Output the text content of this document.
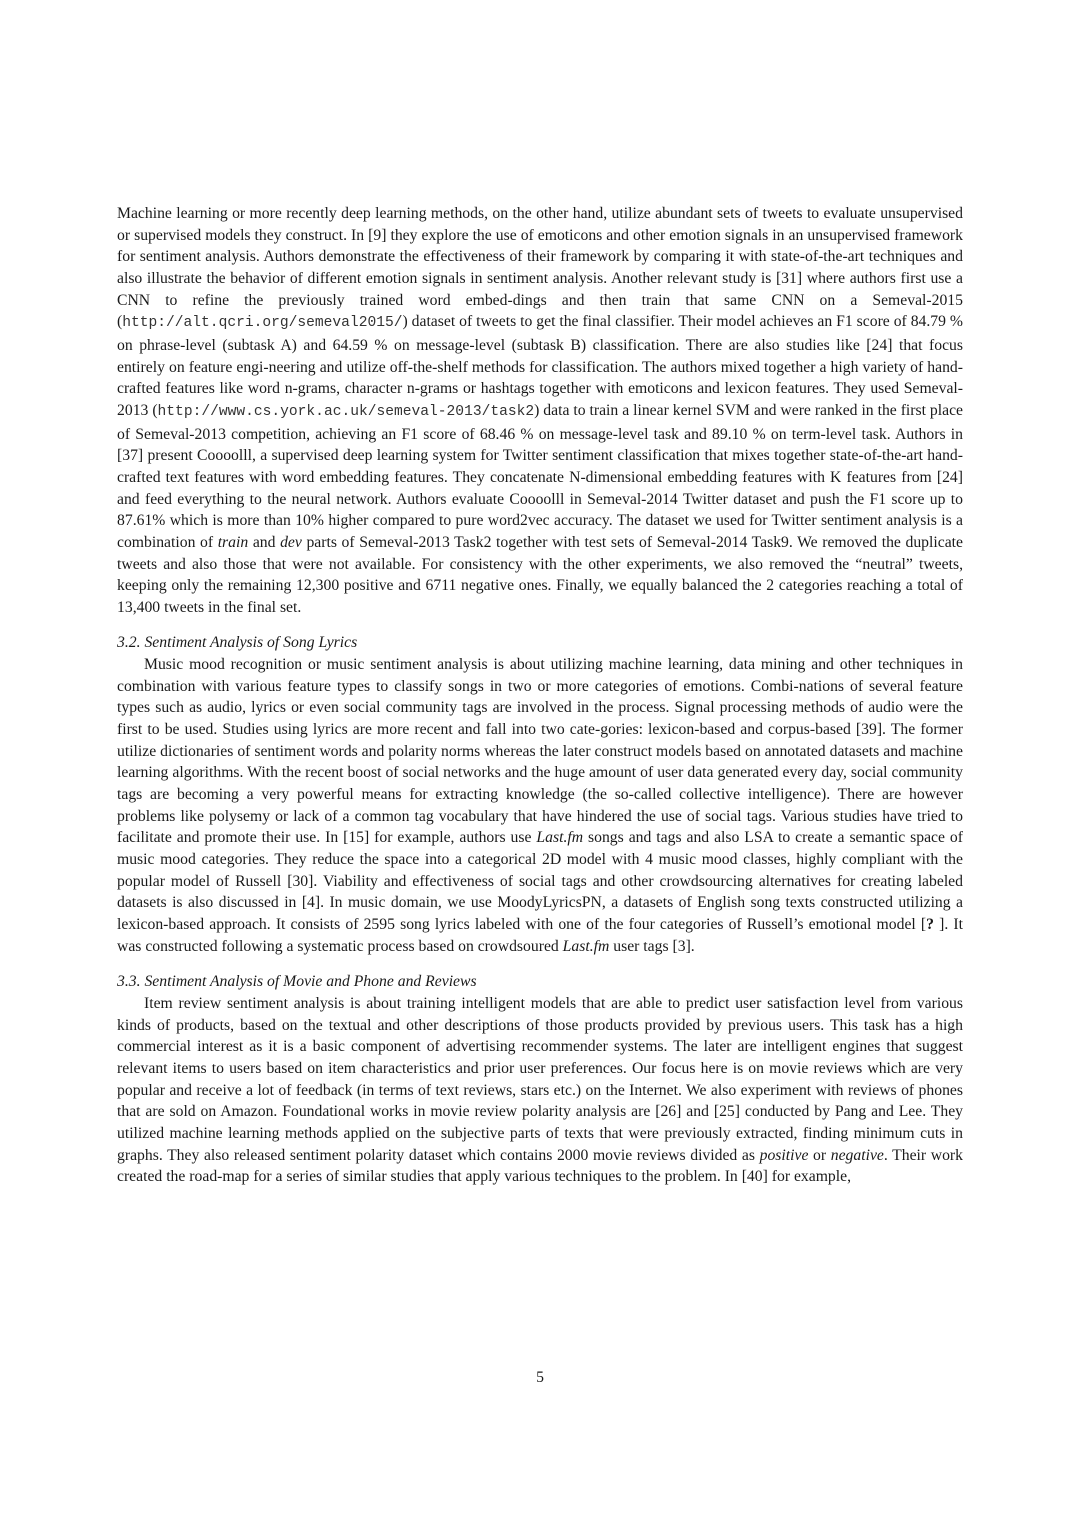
Machine learning or more recently deep learning methods, on the other hand, utilize abundant sets of tweets to evaluate unsupervised or supervised models they construct. In [9] they explore the use of emoticons and other emotion signals in an unsupervised framework for sentiment analysis. Authors demonstrate the effectiveness of their framework by comparing it with state-of-the-art techniques and also illustrate the behavior of different emotion signals in sentiment analysis. Another relevant study is [31] where authors first use a CNN to refine the previously trained word embed-dings and then train that same CNN on a Semeval-2015 (http://alt.qcri.org/semeval2015/) dataset of tweets to get the final classifier. Their model achieves an F1 score of 84.79 % on phrase-level (subtask A) and 64.59 % on message-level (subtask B) classification. There are also studies like [24] that focus entirely on feature engi-neering and utilize off-the-shelf methods for classification. The authors mixed together a high variety of hand-crafted features like word n-grams, character n-grams or hashtags together with emoticons and lexicon features. They used Semeval-2013 (http://www.cs.york.ac.uk/semeval-2013/task2) data to train a linear kernel SVM and were ranked in the first place of Semeval-2013 competition, achieving an F1 score of 68.46 % on message-level task and 89.10 % on term-level task. Authors in [37] present Coooolll, a supervised deep learning system for Twitter sentiment classification that mixes together state-of-the-art hand-crafted text features with word embedding features. They concatenate N-dimensional embedding features with K features from [24] and feed everything to the neural network. Authors evaluate Coooolll in Semeval-2014 Twitter dataset and push the F1 score up to 87.61% which is more than 10% higher compared to pure word2vec accuracy. The dataset we used for Twitter sentiment analysis is a combination of train and dev parts of Semeval-2013 Task2 together with test sets of Semeval-2014 Task9. We removed the duplicate tweets and also those that were not available. For consistency with the other experiments, we also removed the “neutral” tweets, keeping only the remaining 12,300 positive and 6711 negative ones. Finally, we equally balanced the 2 categories reaching a total of 13,400 tweets in the final set.

3.2. Sentiment Analysis of Song Lyrics

Music mood recognition or music sentiment analysis is about utilizing machine learning, data mining and other techniques in combination with various feature types to classify songs in two or more categories of emotions. Combi-nations of several feature types such as audio, lyrics or even social community tags are involved in the process. Signal processing methods of audio were the first to be used. Studies using lyrics are more recent and fall into two cate-gories: lexicon-based and corpus-based [39]. The former utilize dictionaries of sentiment words and polarity norms whereas the later construct models based on annotated datasets and machine learning algorithms. With the recent boost of social networks and the huge amount of user data generated every day, social community tags are becoming a very powerful means for extracting knowledge (the so-called collective intelligence). There are however problems like polysemy or lack of a common tag vocabulary that have hindered the use of social tags. Various studies have tried to facilitate and promote their use. In [15] for example, authors use Last.fm songs and tags and also LSA to create a semantic space of music mood categories. They reduce the space into a categorical 2D model with 4 music mood classes, highly compliant with the popular model of Russell [30]. Viability and effectiveness of social tags and other crowdsourcing alternatives for creating labeled datasets is also discussed in [4]. In music domain, we use MoodyLyricsPN, a datasets of English song texts constructed utilizing a lexicon-based approach. It consists of 2595 song lyrics labeled with one of the four categories of Russell’s emotional model [? ]. It was constructed following a systematic process based on crowdsoured Last.fm user tags [3].

3.3. Sentiment Analysis of Movie and Phone and Reviews

Item review sentiment analysis is about training intelligent models that are able to predict user satisfaction level from various kinds of products, based on the textual and other descriptions of those products provided by previous users. This task has a high commercial interest as it is a basic component of advertising recommender systems. The later are intelligent engines that suggest relevant items to users based on item characteristics and prior user preferences. Our focus here is on movie reviews which are very popular and receive a lot of feedback (in terms of text reviews, stars etc.) on the Internet. We also experiment with reviews of phones that are sold on Amazon. Foundational works in movie review polarity analysis are [26] and [25] conducted by Pang and Lee. They utilized machine learning methods applied on the subjective parts of texts that were previously extracted, finding minimum cuts in graphs. They also released sentiment polarity dataset which contains 2000 movie reviews divided as positive or negative. Their work created the road-map for a series of similar studies that apply various techniques to the problem. In [40] for example,

5
